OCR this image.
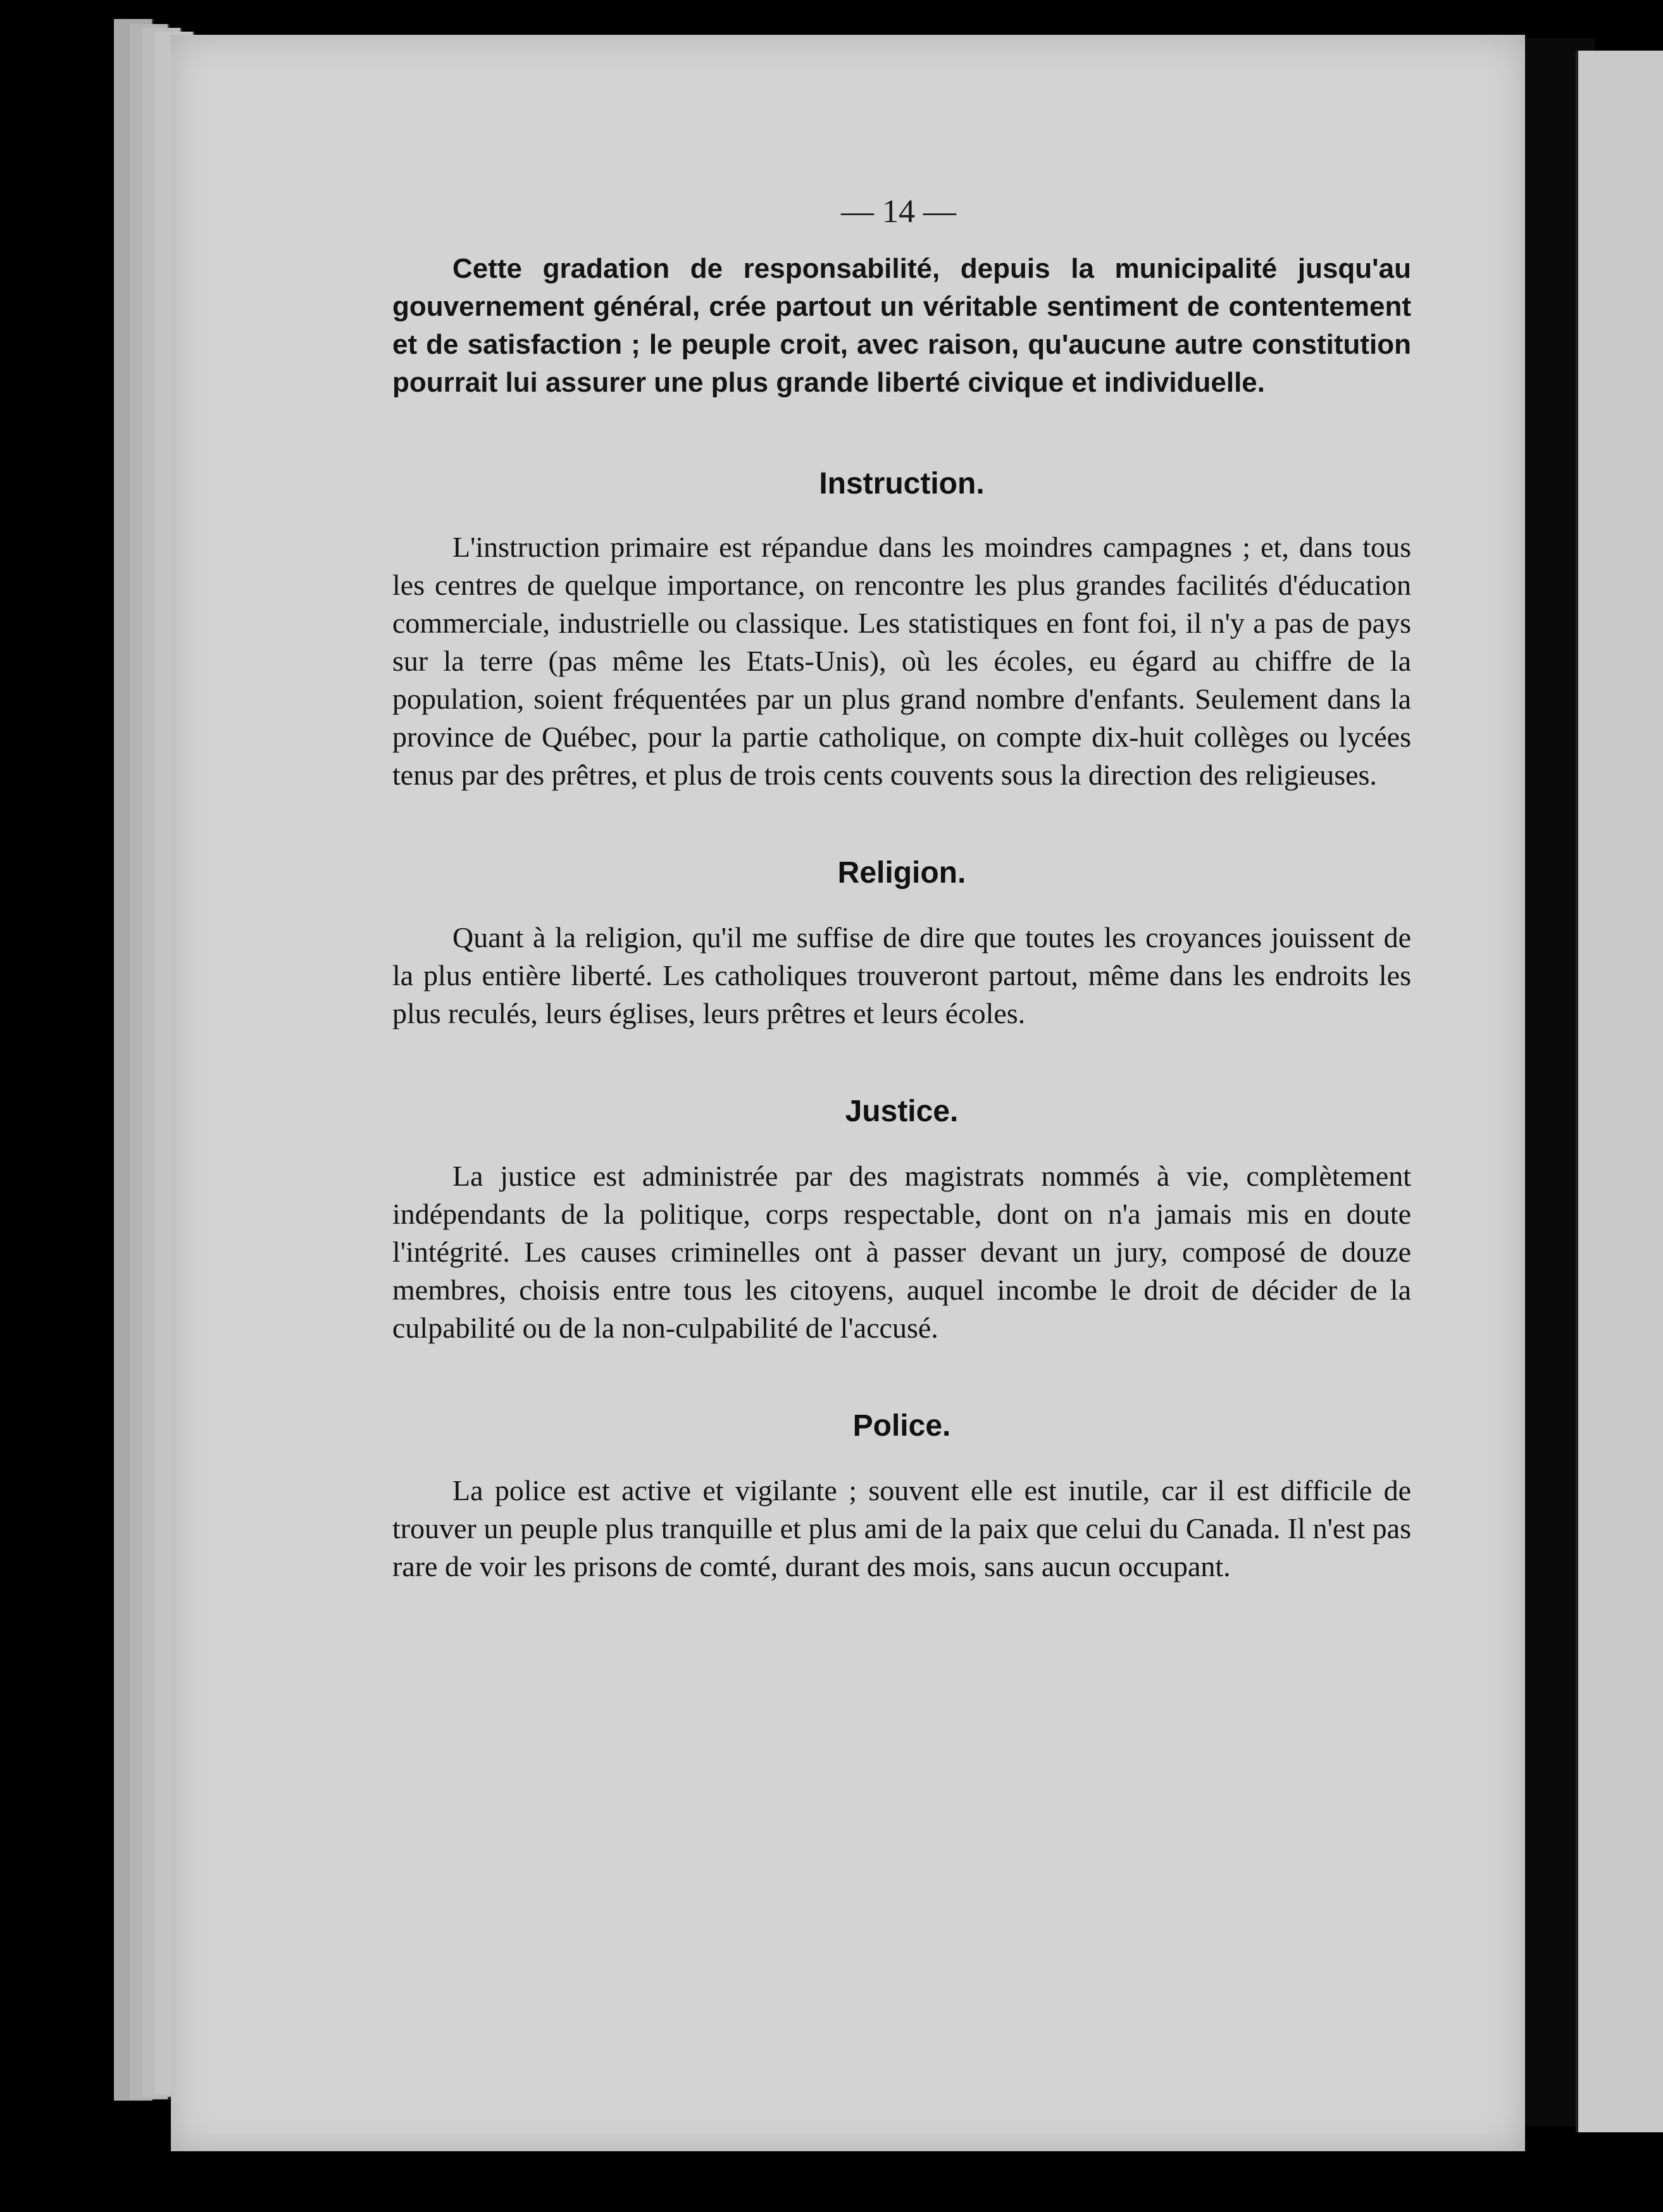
— 14 —

Cette gradation de responsabilité, depuis la municipalité jusqu'au gouvernement général, crée partout un véritable sentiment de contentement et de satisfaction ; le peuple croit, avec raison, qu'aucune autre constitution pourrait lui assurer une plus grande liberté civique et individuelle.

Instruction.

L'instruction primaire est répandue dans les moindres campagnes ; et, dans tous les centres de quelque importance, on rencontre les plus grandes facilités d'éducation commerciale, industrielle ou classique. Les statistiques en font foi, il n'y a pas de pays sur la terre (pas même les Etats-Unis), où les écoles, eu égard au chiffre de la population, soient fréquentées par un plus grand nombre d'enfants. Seulement dans la province de Québec, pour la partie catholique, on compte dix-huit collèges ou lycées tenus par des prêtres, et plus de trois cents couvents sous la direction des religieuses.

Religion.

Quant à la religion, qu'il me suffise de dire que toutes les croyances jouissent de la plus entière liberté. Les catholiques trouveront partout, même dans les endroits les plus reculés, leurs églises, leurs prêtres et leurs écoles.

Justice.

La justice est administrée par des magistrats nommés à vie, complètement indépendants de la politique, corps respectable, dont on n'a jamais mis en doute l'intégrité. Les causes criminelles ont à passer devant un jury, composé de douze membres, choisis entre tous les citoyens, auquel incombe le droit de décider de la culpabilité ou de la non-culpabilité de l'accusé.

Police.

La police est active et vigilante ; souvent elle est inutile, car il est difficile de trouver un peuple plus tranquille et plus ami de la paix que celui du Canada. Il n'est pas rare de voir les prisons de comté, durant des mois, sans aucun occupant.
